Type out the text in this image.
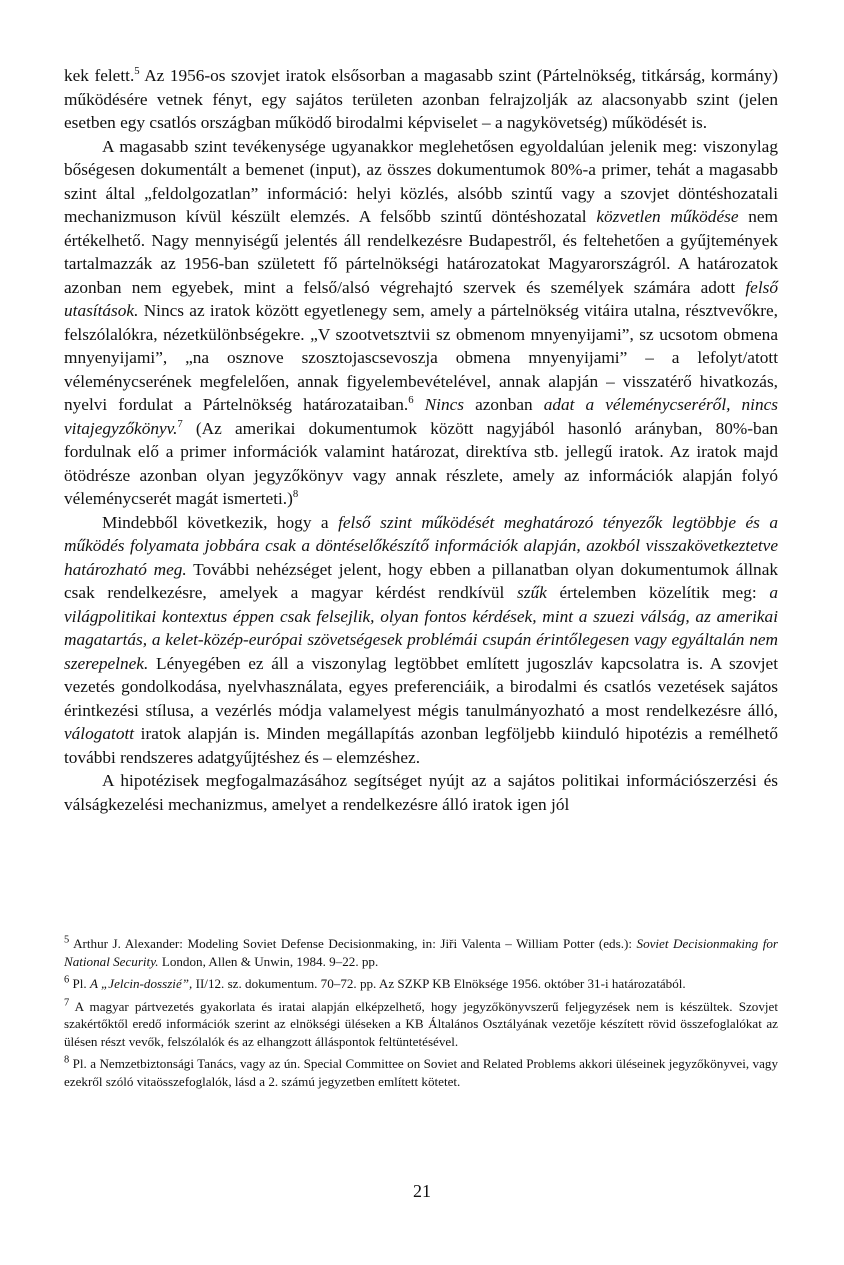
kek felett.$^5$ Az 1956-os szovjet iratok elsősorban a magasabb szint (Pártelnökség, titkárság, kormány) működésére vetnek fényt, egy sajátos területen azonban felrajzolják az alacsonyabb szint (jelen esetben egy csatlós országban működő birodalmi képviselet – a nagykövetség) működését is.

A magasabb szint tevékenysége ugyanakkor meglehetősen egyoldalúan jelenik meg: viszonylag bőségesen dokumentált a bemenet (input), az összes dokumentumok 80%-a primer, tehát a magasabb szint által „feldolgozatlan” információ: helyi közlés, alsóbb szintű vagy a szovjet döntéshozatali mechanizmuson kívül készült elemzés. A felsőbb szintű döntéshozatal közvetlen működése nem értékelhető. Nagy mennyiségű jelentés áll rendelkezésre Budapestről, és feltehetően a gyűjtemények tartalmazzák az 1956-ban született fő pártelnökségi határozatokat Magyarországról. A határozatok azonban nem egyebek, mint a felső/alsó végrehajtó szervek és személyek számára adott felső utasítások. Nincs az iratok között egyetlenegy sem, amely a pártelnökség vitáira utalna, résztvevőkre, felszólalókra, nézetkülönbségekre. „V szootvetsztvii sz obmenom mnyenyijami”, sz ucsotom obmena mnyenyijami”, „na osznove szosztojascsevoszja obmena mnyenyijami” – a lefolyt/atott véleménycserének megfelelően, annak figyelembevételével, annak alapján – visszatérő hivatkozás, nyelvi fordulat a Pártelnökség határozataiban.$^6$ Nincs azonban adat a véleménycseréről, nincs vitajegyzőkönyv.$^7$ (Az amerikai dokumentumok között nagyjából hasonló arányban, 80%-ban fordulnak elő a primer információk valamint határozat, direktíva stb. jellegű iratok. Az iratok majd ötödrésze azonban olyan jegyzőkönyv vagy annak részlete, amely az információk alapján folyó véleménycserét magát ismerteti.)$^8$

Mindebből következik, hogy a felső szint működését meghatározó tényezők legtöbbje és a működés folyamata jobbára csak a döntéselőkészítő információk alapján, azokból visszakövetkeztetve határozható meg. További nehézséget jelent, hogy ebben a pillanatban olyan dokumentumok állnak csak rendelkezésre, amelyek a magyar kérdést rendkívül szűk értelemben közelítik meg: a világpolitikai kontextus éppen csak felsejlik, olyan fontos kérdések, mint a szuezi válság, az amerikai magatartás, a kelet-közép-európai szövetségesek problémái csupán érintőlegesen vagy egyáltalán nem szerepelnek. Lényegében ez áll a viszonylag legtöbbet említett jugoszláv kapcsolatra is. A szovjet vezetés gondolkodása, nyelvhasználata, egyes preferenciáik, a birodalmi és csatlós vezetések sajátos érintkezési stílusa, a vezérlés módja valamelyest mégis tanulmányozható a most rendelkezésre álló, válogatott iratok alapján is. Minden megállapítás azonban legföljebb kiinduló hipotézis a remélhető további rendszeres adatgyűjtéshez és – elemzéshez.

A hipotézisek megfogalmazásához segítséget nyújt az a sajátos politikai információszerzési és válságkezelési mechanizmus, amelyet a rendelkezésre álló iratok igen jól

$^5$ Arthur J. Alexander: Modeling Soviet Defense Decisionmaking, in: Jiři Valenta – William Potter (eds.): Soviet Decisionmaking for National Security. London, Allen & Unwin, 1984. 9–22. pp.

$^6$ Pl. A „Jelcin-dosszié”, II/12. sz. dokumentum. 70–72. pp. Az SZKP KB Elnöksége 1956. október 31-i határozatából.

$^7$ A magyar pártvezetés gyakorlata és iratai alapján elképzelhető, hogy jegyzőkönyvszerű feljegyzések nem is készültek. Szovjet szakértőktől eredő információk szerint az elnökségi üléseken a KB Általános Osztályának vezetője készített rövid összefoglalókat az ülésen részt vevők, felszólalók és az elhangzott álláspontok feltüntetésével.

$^8$ Pl. a Nemzetbiztonsági Tanács, vagy az ún. Special Committee on Soviet and Related Problems akkori üléseinek jegyzőkönyvei, vagy ezekről szóló vitaösszefoglalók, lásd a 2. számú jegyzetben említett kötetet.

21
